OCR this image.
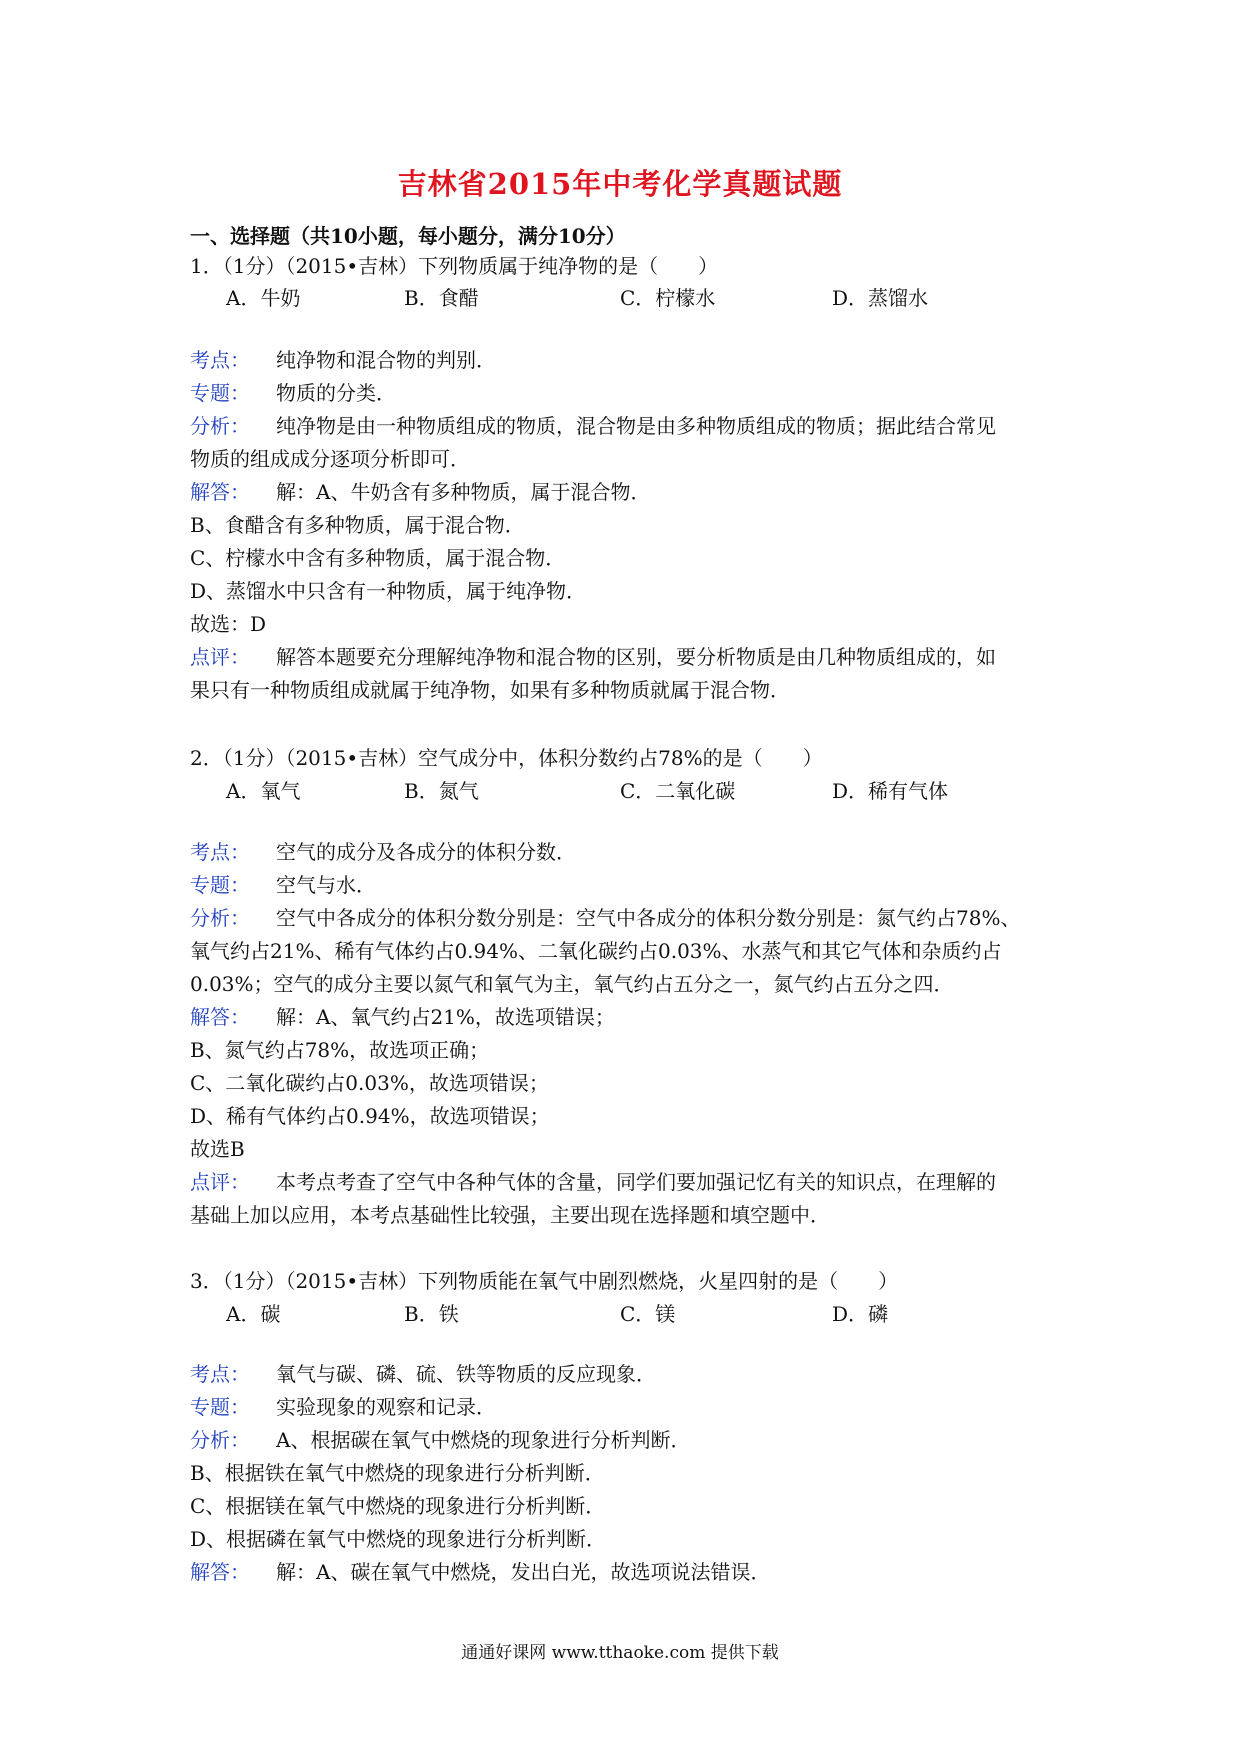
吉林省2015年中考化学真题试题
一、选择题（共10小题，每小题分，满分10分）
1．（1分）（2015•吉林）下列物质属于纯净物的是（　　）
A．牛奶	B．食醋	C．柠檬水	D．蒸馏水
考点： 纯净物和混合物的判别．
专题： 物质的分类．
分析： 纯净物是由一种物质组成的物质，混合物是由多种物质组成的物质；据此结合常见
物质的组成成分逐项分析即可．
解答： 解：A、牛奶含有多种物质，属于混合物．
B、食醋含有多种物质，属于混合物．
C、柠檬水中含有多种物质，属于混合物．
D、蒸馏水中只含有一种物质，属于纯净物．
故选：D
点评： 解答本题要充分理解纯净物和混合物的区别，要分析物质是由几种物质组成的，如
果只有一种物质组成就属于纯净物，如果有多种物质就属于混合物．
2．（1分）（2015•吉林）空气成分中，体积分数约占78%的是（　　）
A．氧气	B．氮气	C．二氧化碳	D．稀有气体
考点： 空气的成分及各成分的体积分数．
专题： 空气与水．
分析： 空气中各成分的体积分数分别是：空气中各成分的体积分数分别是：氮气约占78%、
氧气约占21%、稀有气体约占0.94%、二氧化碳约占0.03%、水蒸气和其它气体和杂质约占
0.03%；空气的成分主要以氮气和氧气为主，氧气约占五分之一，氮气约占五分之四．
解答： 解：A、氧气约占21%，故选项错误；
B、氮气约占78%，故选项正确；
C、二氧化碳约占0.03%，故选项错误；
D、稀有气体约占0.94%，故选项错误；
故选B
点评： 本考点考查了空气中各种气体的含量，同学们要加强记忆有关的知识点，在理解的
基础上加以应用，本考点基础性比较强，主要出现在选择题和填空题中．
3．（1分）（2015•吉林）下列物质能在氧气中剧烈燃烧，火星四射的是（　　）
A．碳	B．铁	C．镁	D．磷
考点： 氧气与碳、磷、硫、铁等物质的反应现象．
专题： 实验现象的观察和记录．
分析： A、根据碳在氧气中燃烧的现象进行分析判断．
B、根据铁在氧气中燃烧的现象进行分析判断．
C、根据镁在氧气中燃烧的现象进行分析判断．
D、根据磷在氧气中燃烧的现象进行分析判断．
解答： 解：A、碳在氧气中燃烧，发出白光，故选项说法错误．
通通好课网 www.tthaoke.com 提供下载
